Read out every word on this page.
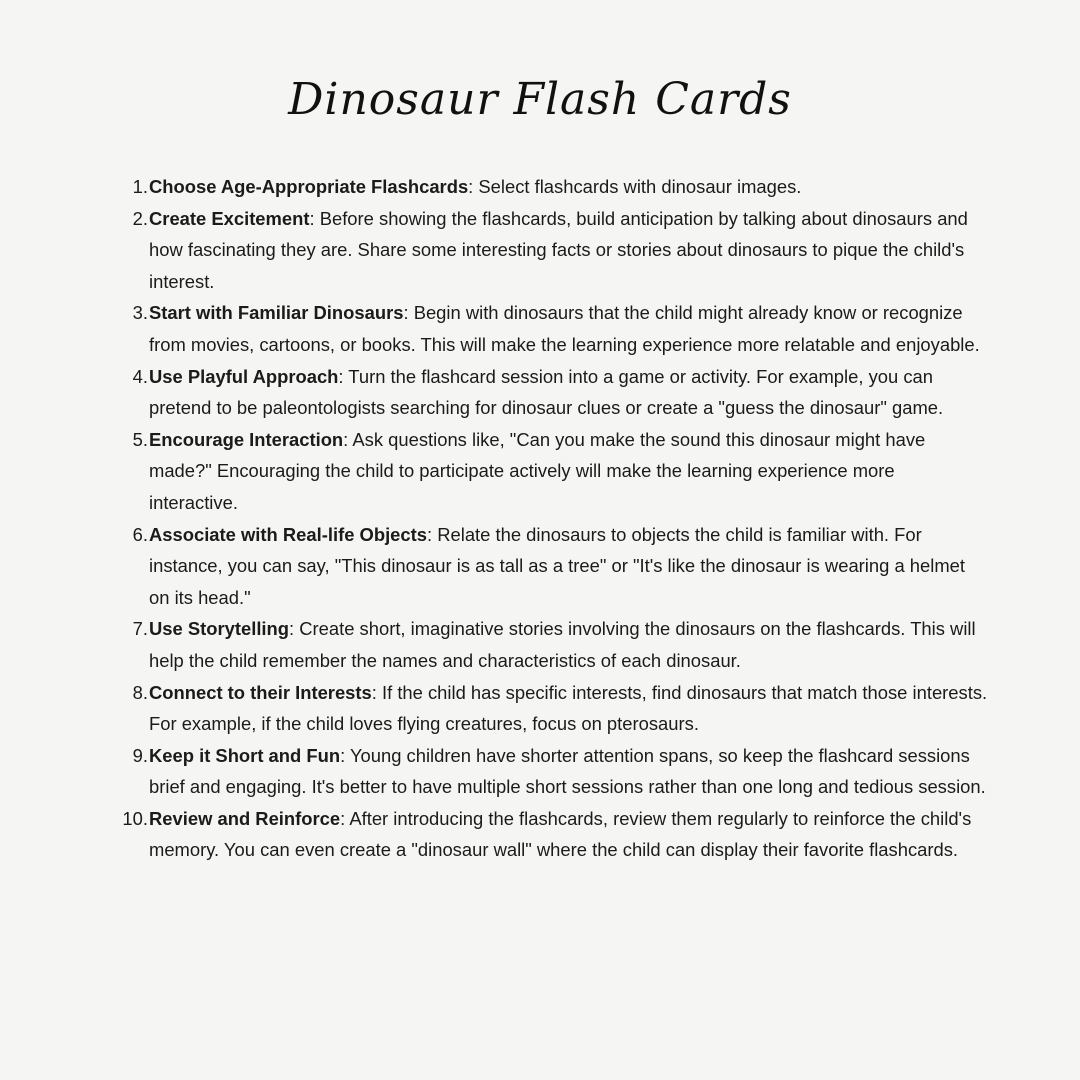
Dinosaur Flash Cards
1. Choose Age-Appropriate Flashcards: Select flashcards with dinosaur images.
2. Create Excitement: Before showing the flashcards, build anticipation by talking about dinosaurs and how fascinating they are. Share some interesting facts or stories about dinosaurs to pique the child's interest.
3. Start with Familiar Dinosaurs: Begin with dinosaurs that the child might already know or recognize from movies, cartoons, or books. This will make the learning experience more relatable and enjoyable.
4. Use Playful Approach: Turn the flashcard session into a game or activity. For example, you can pretend to be paleontologists searching for dinosaur clues or create a "guess the dinosaur" game.
5. Encourage Interaction: Ask questions like, "Can you make the sound this dinosaur might have made?" Encouraging the child to participate actively will make the learning experience more interactive.
6. Associate with Real-life Objects: Relate the dinosaurs to objects the child is familiar with. For instance, you can say, "This dinosaur is as tall as a tree" or "It's like the dinosaur is wearing a helmet on its head."
7. Use Storytelling: Create short, imaginative stories involving the dinosaurs on the flashcards. This will help the child remember the names and characteristics of each dinosaur.
8. Connect to their Interests: If the child has specific interests, find dinosaurs that match those interests. For example, if the child loves flying creatures, focus on pterosaurs.
9. Keep it Short and Fun: Young children have shorter attention spans, so keep the flashcard sessions brief and engaging. It's better to have multiple short sessions rather than one long and tedious session.
10. Review and Reinforce: After introducing the flashcards, review them regularly to reinforce the child's memory. You can even create a "dinosaur wall" where the child can display their favorite flashcards.
